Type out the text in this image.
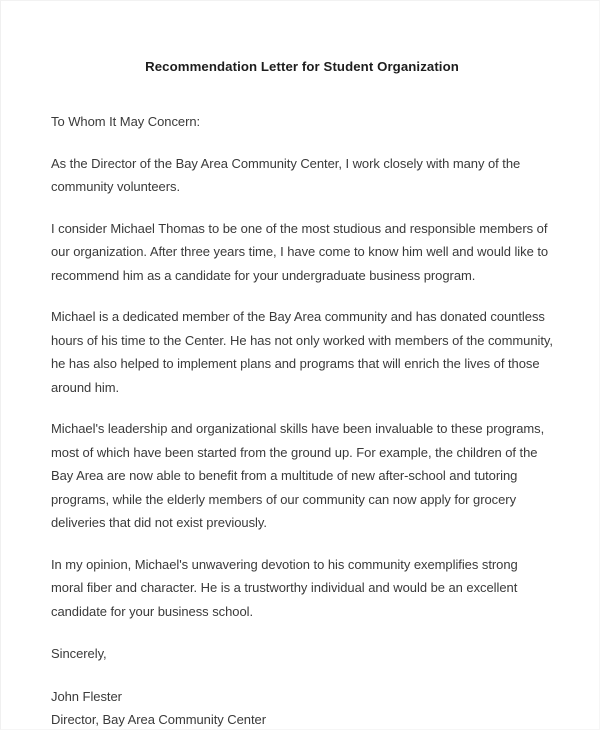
Recommendation Letter for Student Organization

To Whom It May Concern:

As the Director of the Bay Area Community Center, I work closely with many of the community volunteers.

I consider Michael Thomas to be one of the most studious and responsible members of our organization. After three years time, I have come to know him well and would like to recommend him as a candidate for your undergraduate business program.

Michael is a dedicated member of the Bay Area community and has donated countless hours of his time to the Center. He has not only worked with members of the community, he has also helped to implement plans and programs that will enrich the lives of those around him.

Michael's leadership and organizational skills have been invaluable to these programs, most of which have been started from the ground up. For example, the children of the Bay Area are now able to benefit from a multitude of new after-school and tutoring programs, while the elderly members of our community can now apply for grocery deliveries that did not exist previously.

In my opinion, Michael's unwavering devotion to his community exemplifies strong moral fiber and character. He is a trustworthy individual and would be an excellent candidate for your business school.

Sincerely,

John Flester

Director, Bay Area Community Center
